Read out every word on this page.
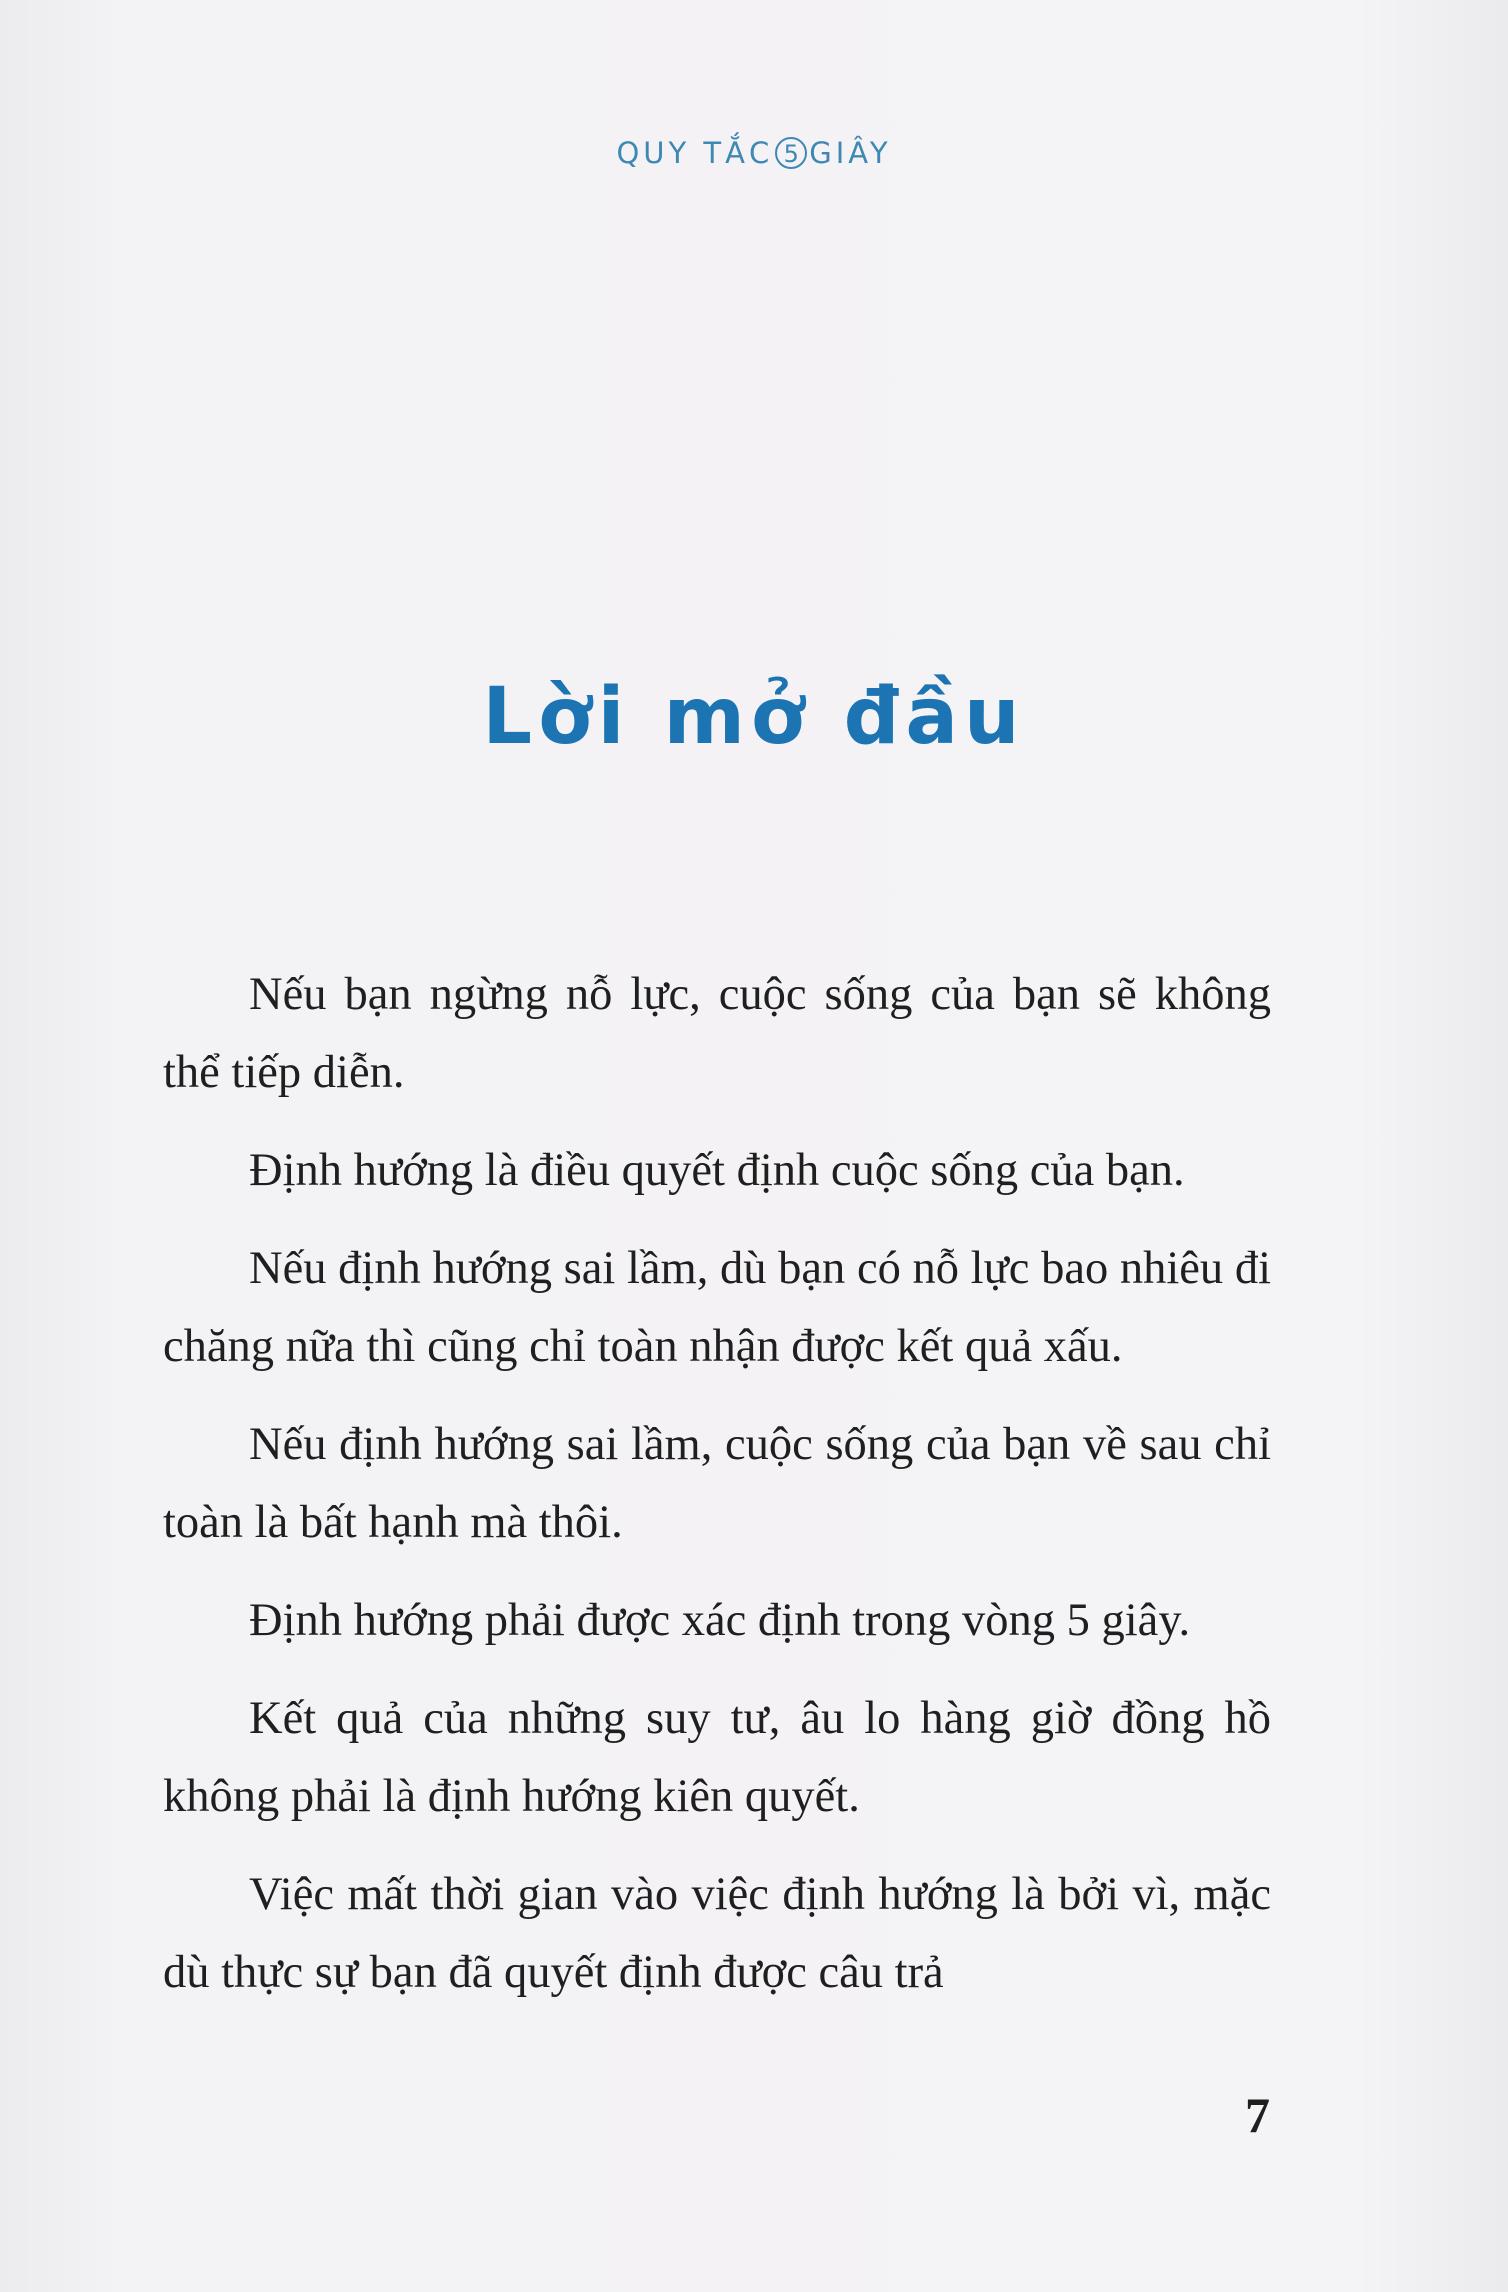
QUY TẮC 5 GIÂY
Lời mở đầu

Nếu bạn ngừng nỗ lực, cuộc sống của bạn sẽ không thể tiếp diễn.

Định hướng là điều quyết định cuộc sống của bạn.

Nếu định hướng sai lầm, dù bạn có nỗ lực bao nhiêu đi chăng nữa thì cũng chỉ toàn nhận được kết quả xấu.

Nếu định hướng sai lầm, cuộc sống của bạn về sau chỉ toàn là bất hạnh mà thôi.

Định hướng phải được xác định trong vòng 5 giây.

Kết quả của những suy tư, âu lo hàng giờ đồng hồ không phải là định hướng kiên quyết.

Việc mất thời gian vào việc định hướng là bởi vì, mặc dù thực sự bạn đã quyết định được câu trả

7
